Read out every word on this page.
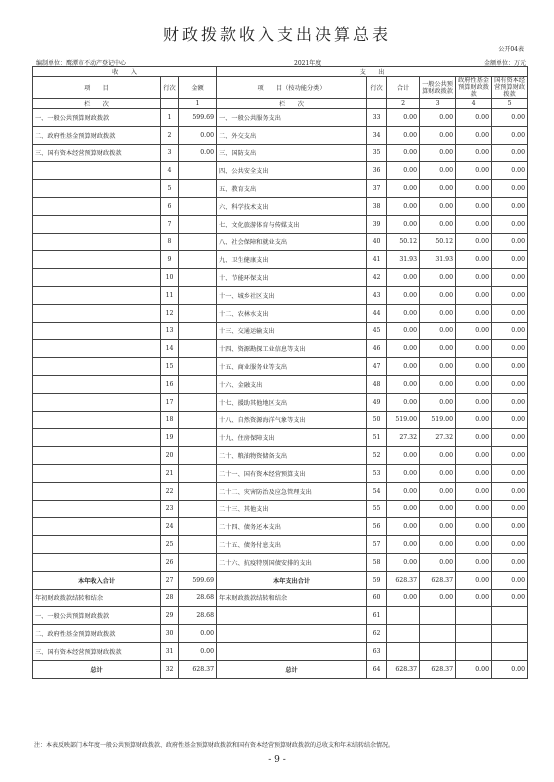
财政拨款收入支出决算总表
公开04表
编制单位：鹰潭市不动产登记中心	2021年度	金额单位：万元
收　　入			支　　出					
项　　目	行次	金额	项　　目（按功能分类）	行次	合计	一般公共预算财政拨款	政府性基金预算财政拨款	国有资本经营预算财政拨款
栏　　次		1	栏　　次		2	3	4	5
一、一般公共预算财政拨款	1	599.69	一、一般公共服务支出	33	0.00	0.00	0.00	0.00
二、政府性基金预算财政拨款	2	0.00	二、外交支出	34	0.00	0.00	0.00	0.00
三、国有资本经营预算财政拨款	3	0.00	三、国防支出	35	0.00	0.00	0.00	0.00
	4		四、公共安全支出	36	0.00	0.00	0.00	0.00
	5		五、教育支出	37	0.00	0.00	0.00	0.00
	6		六、科学技术支出	38	0.00	0.00	0.00	0.00
	7		七、文化旅游体育与传媒支出	39	0.00	0.00	0.00	0.00
	8		八、社会保障和就业支出	40	50.12	50.12	0.00	0.00
	9		九、卫生健康支出	41	31.93	31.93	0.00	0.00
	10		十、节能环保支出	42	0.00	0.00	0.00	0.00
	11		十一、城乡社区支出	43	0.00	0.00	0.00	0.00
	12		十二、农林水支出	44	0.00	0.00	0.00	0.00
	13		十三、交通运输支出	45	0.00	0.00	0.00	0.00
	14		十四、资源勘探工业信息等支出	46	0.00	0.00	0.00	0.00
	15		十五、商业服务业等支出	47	0.00	0.00	0.00	0.00
	16		十六、金融支出	48	0.00	0.00	0.00	0.00
	17		十七、援助其他地区支出	49	0.00	0.00	0.00	0.00
	18		十八、自然资源海洋气象等支出	50	519.00	519.00	0.00	0.00
	19		十九、住房保障支出	51	27.32	27.32	0.00	0.00
	20		二十、粮油物资储备支出	52	0.00	0.00	0.00	0.00
	21		二十一、国有资本经营预算支出	53	0.00	0.00	0.00	0.00
	22		二十二、灾害防治及应急管理支出	54	0.00	0.00	0.00	0.00
	23		二十三、其他支出	55	0.00	0.00	0.00	0.00
	24		二十四、债务还本支出	56	0.00	0.00	0.00	0.00
	25		二十五、债务付息支出	57	0.00	0.00	0.00	0.00
	26		二十六、抗疫特别国债安排的支出	58	0.00	0.00	0.00	0.00
本年收入合计	27	599.69	本年支出合计	59	628.37	628.37	0.00	0.00
年初财政拨款结转和结余	28	28.68	年末财政拨款结转和结余	60	0.00	0.00	0.00	0.00
一、一般公共预算财政拨款	29	28.68		61				
二、政府性基金预算财政拨款	30	0.00		62				
三、国有资本经营预算财政拨款	31	0.00		63				
总计	32	628.37	总计	64	628.37	628.37	0.00	0.00
注：本表反映部门本年度一般公共预算财政拨款、政府性基金预算财政拨款和国有资本经营预算财政拨款的总收支和年末结转结余情况。
- 9 -
